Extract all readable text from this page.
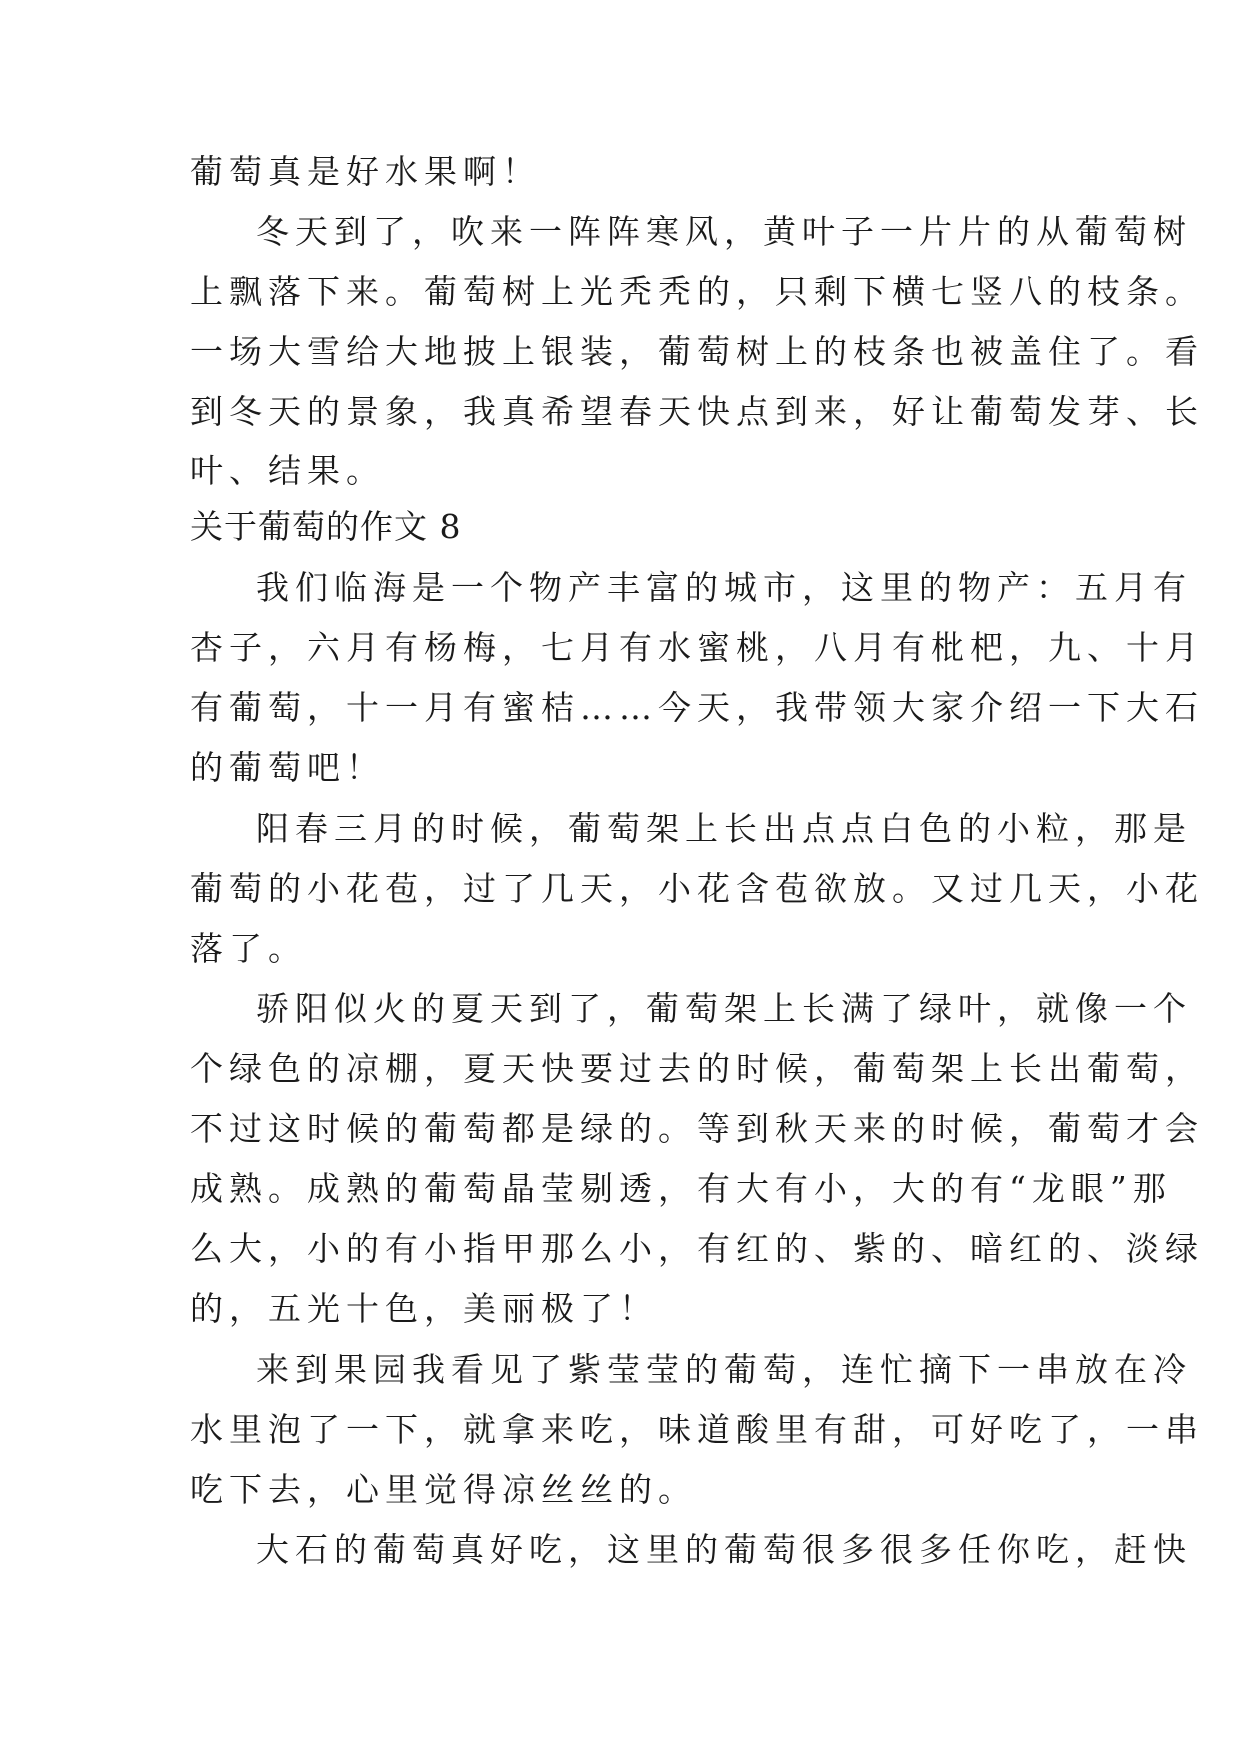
葡萄真是好水果啊！
冬天到了，吹来一阵阵寒风，黄叶子一片片的从葡萄树
上飘落下来。葡萄树上光秃秃的，只剩下横七竖八的枝条。
一场大雪给大地披上银装，葡萄树上的枝条也被盖住了。看
到冬天的景象，我真希望春天快点到来，好让葡萄发芽、长
叶、结果。
关于葡萄的作文 8
我们临海是一个物产丰富的城市，这里的物产：五月有
杏子，六月有杨梅，七月有水蜜桃，八月有枇杷，九、十月
有葡萄，十一月有蜜桔……今天，我带领大家介绍一下大石
的葡萄吧！
阳春三月的时候，葡萄架上长出点点白色的小粒，那是
葡萄的小花苞，过了几天，小花含苞欲放。又过几天，小花
落了。
骄阳似火的夏天到了，葡萄架上长满了绿叶，就像一个
个绿色的凉棚，夏天快要过去的时候，葡萄架上长出葡萄，
不过这时候的葡萄都是绿的。等到秋天来的时候，葡萄才会
成熟。成熟的葡萄晶莹剔透，有大有小，大的有“龙眼”那
么大，小的有小指甲那么小，有红的、紫的、暗红的、淡绿
的，五光十色，美丽极了！
来到果园我看见了紫莹莹的葡萄，连忙摘下一串放在冷
水里泡了一下，就拿来吃，味道酸里有甜，可好吃了，一串
吃下去，心里觉得凉丝丝的。
大石的葡萄真好吃，这里的葡萄很多很多任你吃，赶快
